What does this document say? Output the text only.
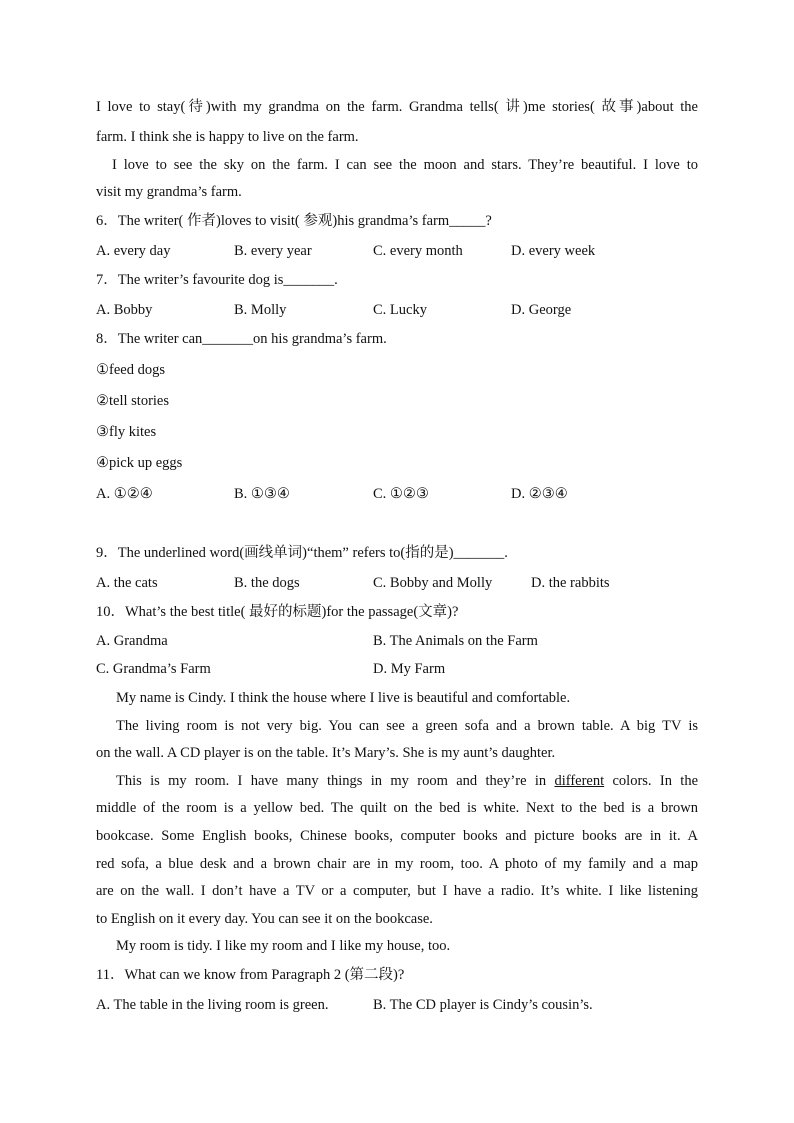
I love to stay(待)with my grandma on the farm. Grandma tells( 讲)me stories( 故事)about the
farm. I think she is happy to live on the farm.
I love to see the sky on the farm. I can see the moon and stars. They’re beautiful. I love to
visit my grandma’s farm.
6．The writer( 作者)loves to visit( 参观)his grandma’s farm_____?
A. every day	B. every year	C. every month	D. every week
7．The writer’s favourite dog is_______.
A. Bobby	B. Molly	C. Lucky	D. George
8．The writer can_______on his grandma’s farm.
①feed dogs
②tell stories
③fly kites
④pick up eggs
A. ①②④	B. ①③④	C. ①②③	D. ②③④
9．The underlined word(画线单词)“them” refers to(指的是)_______.
A. the cats	B. the dogs	C. Bobby and Molly	D. the rabbits
10．What’s the best title( 最好的标题)for the passage(文章)?
A. Grandma	B. The Animals on the Farm
C. Grandma’s Farm	D. My Farm
My name is Cindy. I think the house where I live is beautiful and comfortable.
The living room is not very big. You can see a green sofa and a brown table. A big TV is
on the wall. A CD player is on the table. It’s Mary’s. She is my aunt’s daughter.
This is my room. I have many things in my room and they’re in different colors. In the
middle of the room is a yellow bed. The quilt on the bed is white. Next to the bed is a brown
bookcase. Some English books, Chinese books, computer books and picture books are in it. A
red sofa, a blue desk and a brown chair are in my room, too. A photo of my family and a map
are on the wall. I don’t have a TV or a computer, but I have a radio. It’s white. I like listening
to English on it every day. You can see it on the bookcase.
My room is tidy. I like my room and I like my house, too.
11．What can we know from Paragraph 2 (第二段)?
A. The table in the living room is green.	B. The CD player is Cindy’s cousin’s.
